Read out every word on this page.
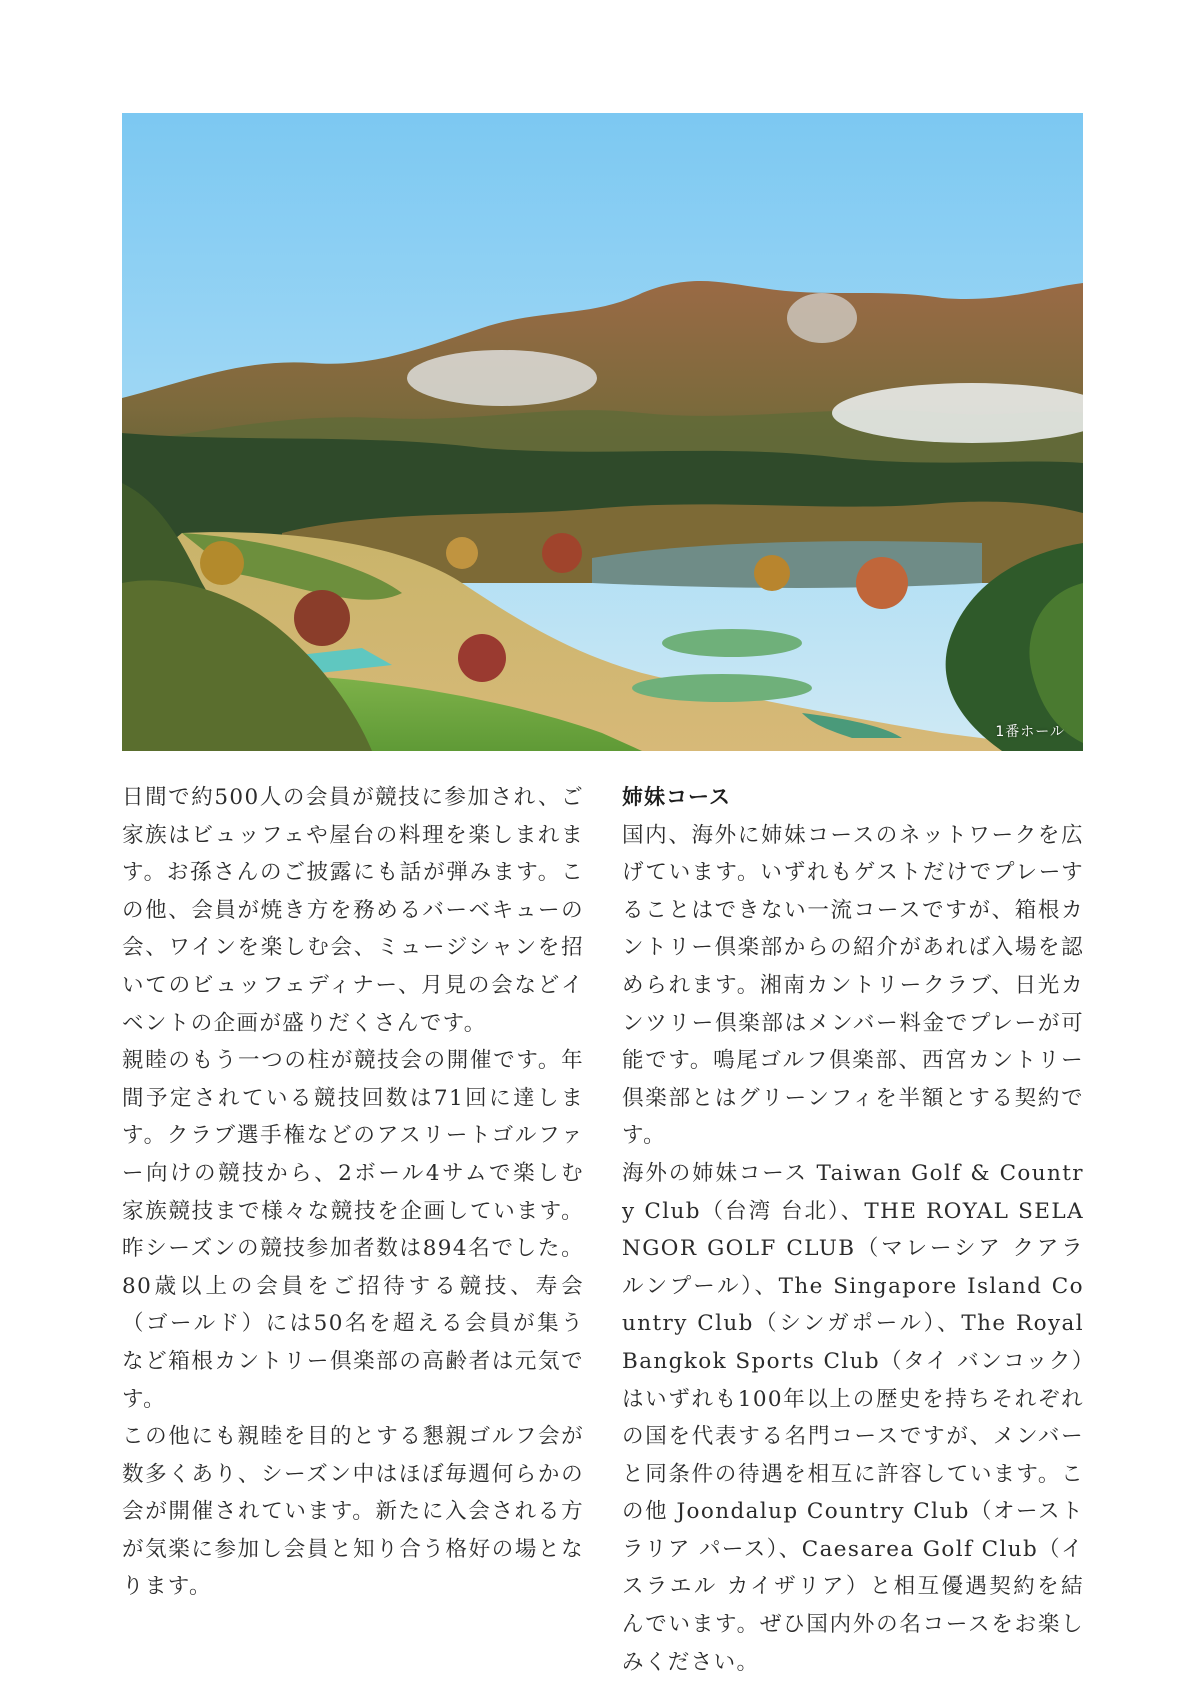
1番ホール

日間で約500人の会員が競技に参加され、ご家族はビュッフェや屋台の料理を楽しまれます。お孫さんのご披露にも話が弾みます。この他、会員が焼き方を務めるバーベキューの会、ワインを楽しむ会、ミュージシャンを招いてのビュッフェディナー、月見の会などイベントの企画が盛りだくさんです。

親睦のもう一つの柱が競技会の開催です。年間予定されている競技回数は71回に達します。クラブ選手権などのアスリートゴルファー向けの競技から、2ボール4サムで楽しむ家族競技まで様々な競技を企画しています。昨シーズンの競技参加者数は894名でした。80歳以上の会員をご招待する競技、寿会（ゴールド）には50名を超える会員が集うなど箱根カントリー倶楽部の高齢者は元気です。

この他にも親睦を目的とする懇親ゴルフ会が数多くあり、シーズン中はほぼ毎週何らかの会が開催されています。新たに入会される方が気楽に参加し会員と知り合う格好の場となります。

姉妹コース

国内、海外に姉妹コースのネットワークを広げています。いずれもゲストだけでプレーすることはできない一流コースですが、箱根カントリー倶楽部からの紹介があれば入場を認められます。湘南カントリークラブ、日光カンツリー倶楽部はメンバー料金でプレーが可能です。鳴尾ゴルフ倶楽部、西宮カントリー倶楽部とはグリーンフィを半額とする契約です。

海外の姉妹コース Taiwan Golf & Country Club（台湾 台北）、THE ROYAL SELANGOR GOLF CLUB（マレーシア クアラルンプール）、The Singapore Island Country Club（シンガポール）、The Royal Bangkok Sports Club（タイ バンコック）はいずれも100年以上の歴史を持ちそれぞれの国を代表する名門コースですが、メンバーと同条件の待遇を相互に許容しています。この他 Joondalup Country Club（オーストラリア パース）、Caesarea Golf Club（イスラエル カイザリア）と相互優遇契約を結んでいます。ぜひ国内外の名コースをお楽しみください。
